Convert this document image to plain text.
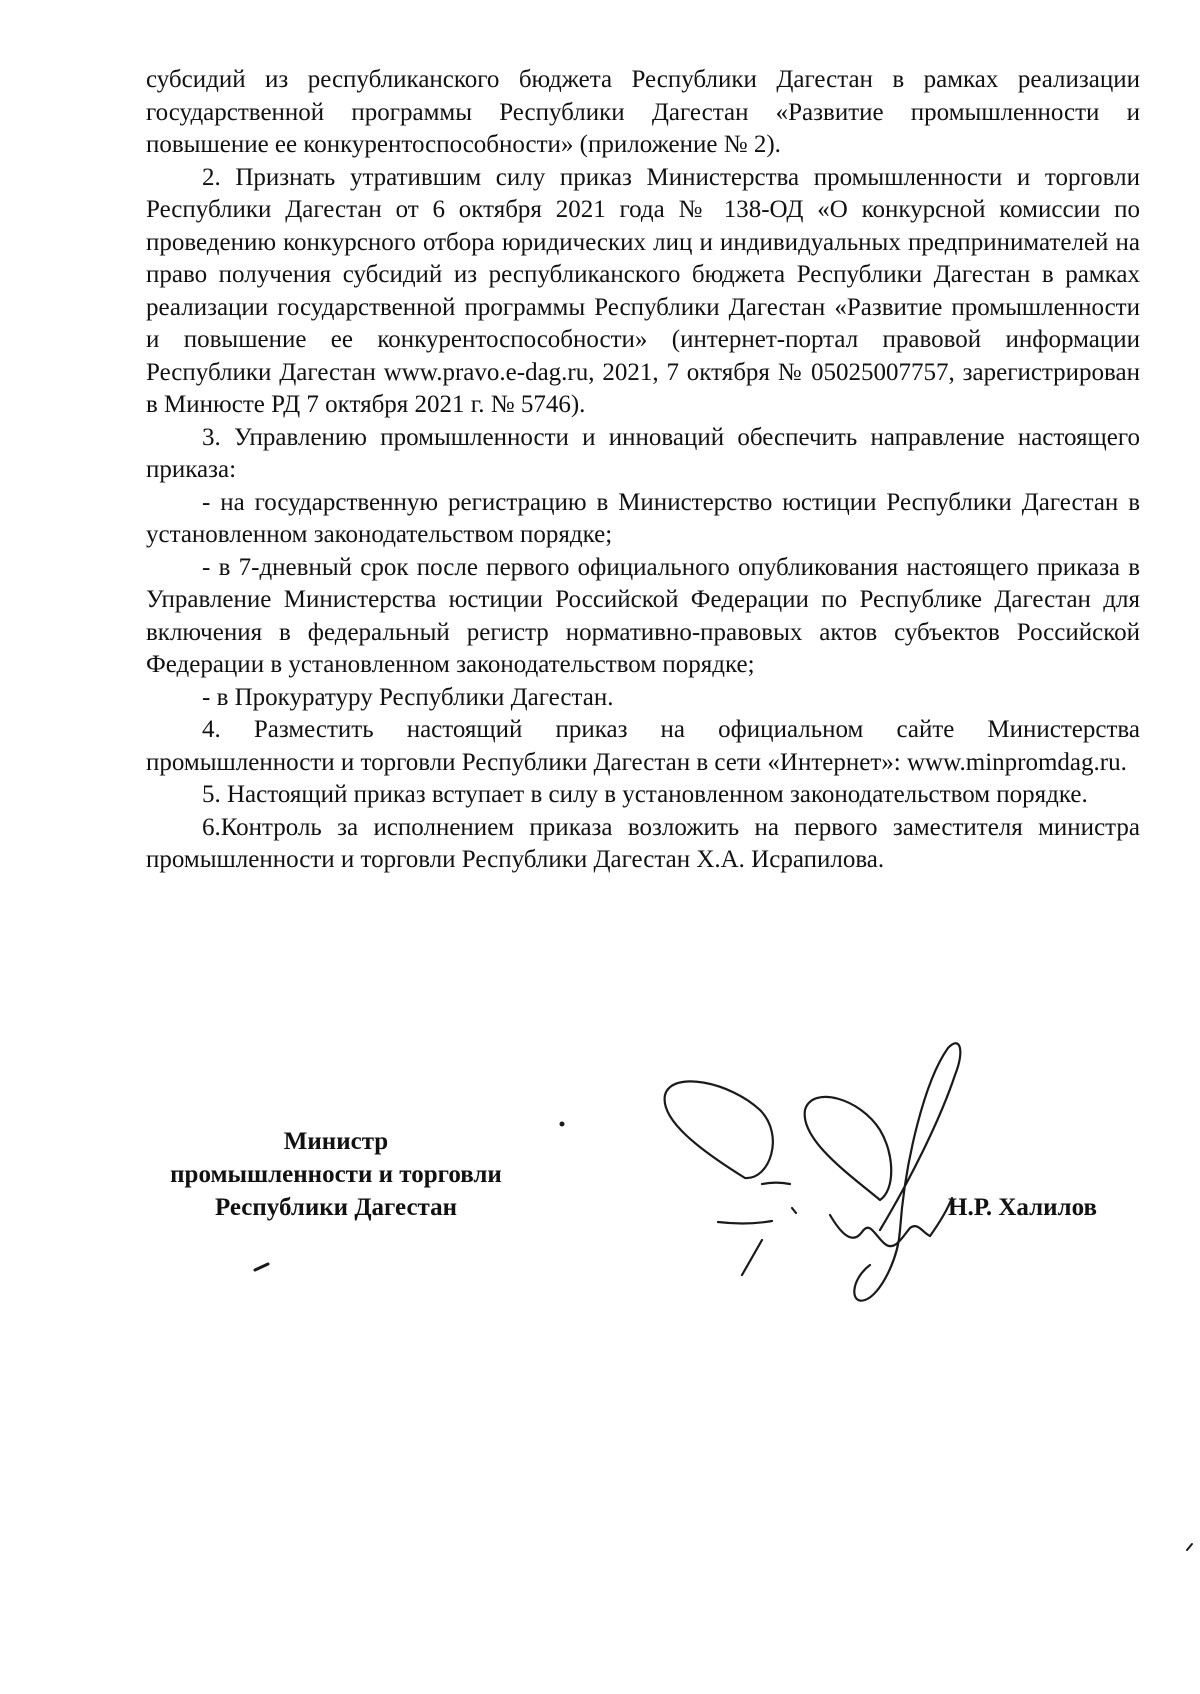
субсидий из республиканского бюджета Республики Дагестан в рамках реализации государственной программы Республики Дагестан «Развитие промышленности и повышение ее конкурентоспособности» (приложение № 2).

2. Признать утратившим силу приказ Министерства промышленности и торговли Республики Дагестан от 6 октября 2021 года № 138-ОД «О конкурсной комиссии по проведению конкурсного отбора юридических лиц и индивидуальных предпринимателей на право получения субсидий из республиканского бюджета Республики Дагестан в рамках реализации государственной программы Республики Дагестан «Развитие промышленности и повышение ее конкурентоспособности» (интернет-портал правовой информации Республики Дагестан www.pravo.e-dag.ru, 2021, 7 октября № 05025007757, зарегистрирован в Минюсте РД 7 октября 2021 г. № 5746).

3. Управлению промышленности и инноваций обеспечить направление настоящего приказа:

- на государственную регистрацию в Министерство юстиции Республики Дагестан в установленном законодательством порядке;

- в 7-дневный срок после первого официального опубликования настоящего приказа в Управление Министерства юстиции Российской Федерации по Республике Дагестан для включения в федеральный регистр нормативно-правовых актов субъектов Российской Федерации в установленном законодательством порядке;

- в Прокуратуру Республики Дагестан.

4. Разместить настоящий приказ на официальном сайте Министерства промышленности и торговли Республики Дагестан в сети «Интернет»: www.minpromdag.ru.

5. Настоящий приказ вступает в силу в установленном законодательством порядке.

6.Контроль за исполнением приказа возложить на первого заместителя министра промышленности и торговли Республики Дагестан Х.А. Исрапилова.

Министр
промышленности и торговли
Республики Дагестан	Н.Р. Халилов
